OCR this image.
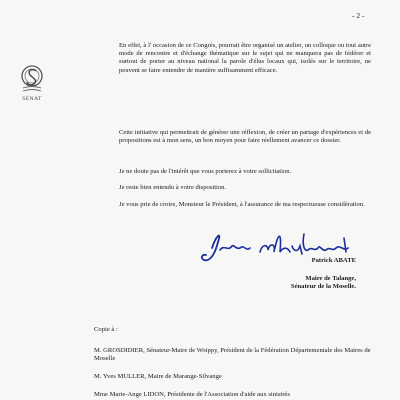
- 2 -
SÉNAT

En effet, à l' occasion de ce Congrès, pourrait être organisé un atelier, un colloque ou tout autre mode de rencontre et d'échange thématique sur le sujet qui ne manquera pas de fédérer et surtout de porter au niveau national la parole d'élus locaux qui, isolés sur le territoire, ne peuvent se faire entendre de manière suffisamment efficace.

Cette initiative qui permettrait de générer une réflexion, de créer un partage d'expériences et de propositions est à mon sens, un bon moyen pour faire réellement avancer ce dossier.

Je ne doute pas de l'intérêt que vous porterez à votre sollicitation.

Je reste bien entendu à votre disposition.

Je vous prie de croire, Monsieur le Président, à l'assurance de ma respectueuse considération.

Patrick ABATE
Maire de Talange,
Sénateur de la Moselle.
Copie à :
M. GROSDIDIER, Sénateur-Maire de Woippy, Président de la Fédération Départementale des Maires de Moselle
M. Yves MULLER, Maire de Marange-Silvange
Mme Marie-Ange LIDON, Présidente de l'Association d'aide aux sinistrés
